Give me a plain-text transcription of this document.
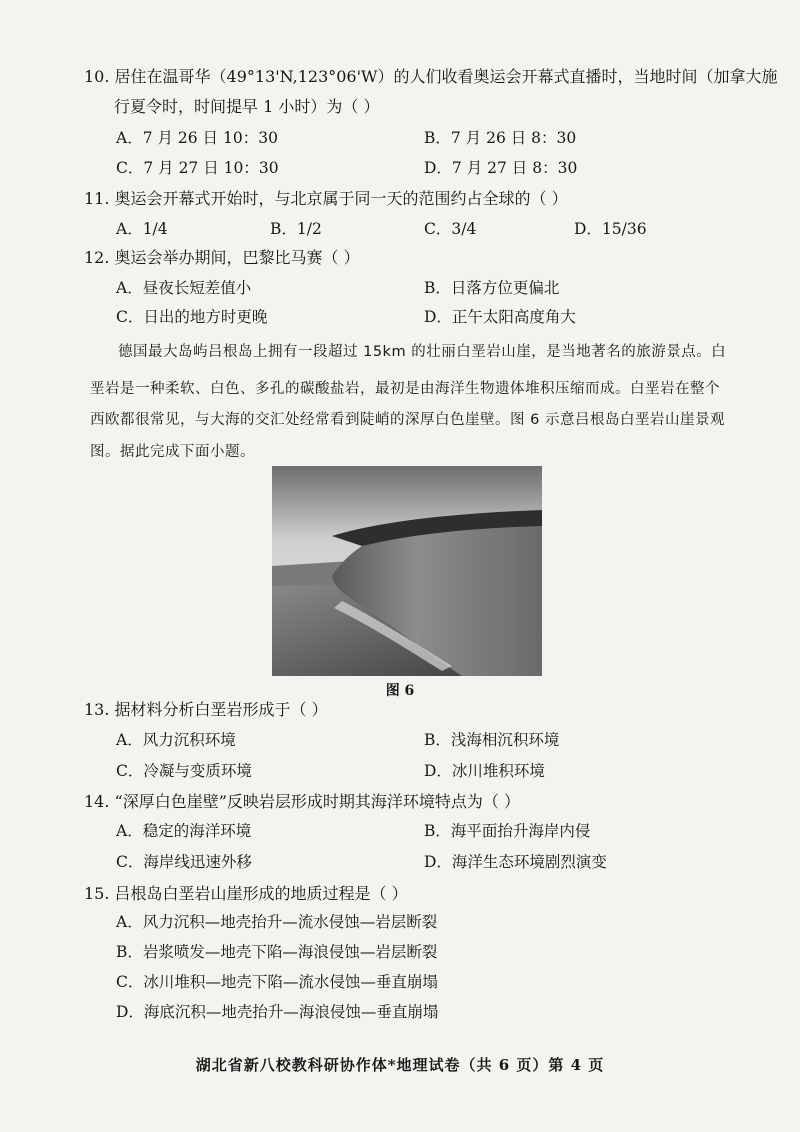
10. 居住在温哥华（49°13'N,123°06'W）的人们收看奥运会开幕式直播时，当地时间（加拿大施
行夏令时，时间提早 1 小时）为（ ）
A．7 月 26 日 10：30	B．7 月 26 日 8：30
C．7 月 27 日 10：30	D．7 月 27 日 8：30
11. 奥运会开幕式开始时，与北京属于同一天的范围约占全球的（ ）
A．1/4	B．1/2	C．3/4	D．15/36
12. 奥运会举办期间，巴黎比马赛（ ）
A．昼夜长短差值小	B．日落方位更偏北
C．日出的地方时更晚	D．正午太阳高度角大
德国最大岛屿吕根岛上拥有一段超过 15km 的壮丽白垩岩山崖，是当地著名的旅游景点。白
垩岩是一种柔软、白色、多孔的碳酸盐岩，最初是由海洋生物遗体堆积压缩而成。白垩岩在整个
西欧都很常见，与大海的交汇处经常看到陡峭的深厚白色崖壁。图 6 示意吕根岛白垩岩山崖景观
图。据此完成下面小题。
图 6
13. 据材料分析白垩岩形成于（ ）
A．风力沉积环境	B．浅海相沉积环境
C．冷凝与变质环境	D．冰川堆积环境
14. “深厚白色崖壁”反映岩层形成时期其海洋环境特点为（ ）
A．稳定的海洋环境	B．海平面抬升海岸内侵
C．海岸线迅速外移	D．海洋生态环境剧烈演变
15. 吕根岛白垩岩山崖形成的地质过程是（ ）
A．风力沉积—地壳抬升—流水侵蚀—岩层断裂
B．岩浆喷发—地壳下陷—海浪侵蚀—岩层断裂
C．冰川堆积—地壳下陷—流水侵蚀—垂直崩塌
D．海底沉积—地壳抬升—海浪侵蚀—垂直崩塌
湖北省新八校教科研协作体*地理试卷（共 6 页）第 4 页
